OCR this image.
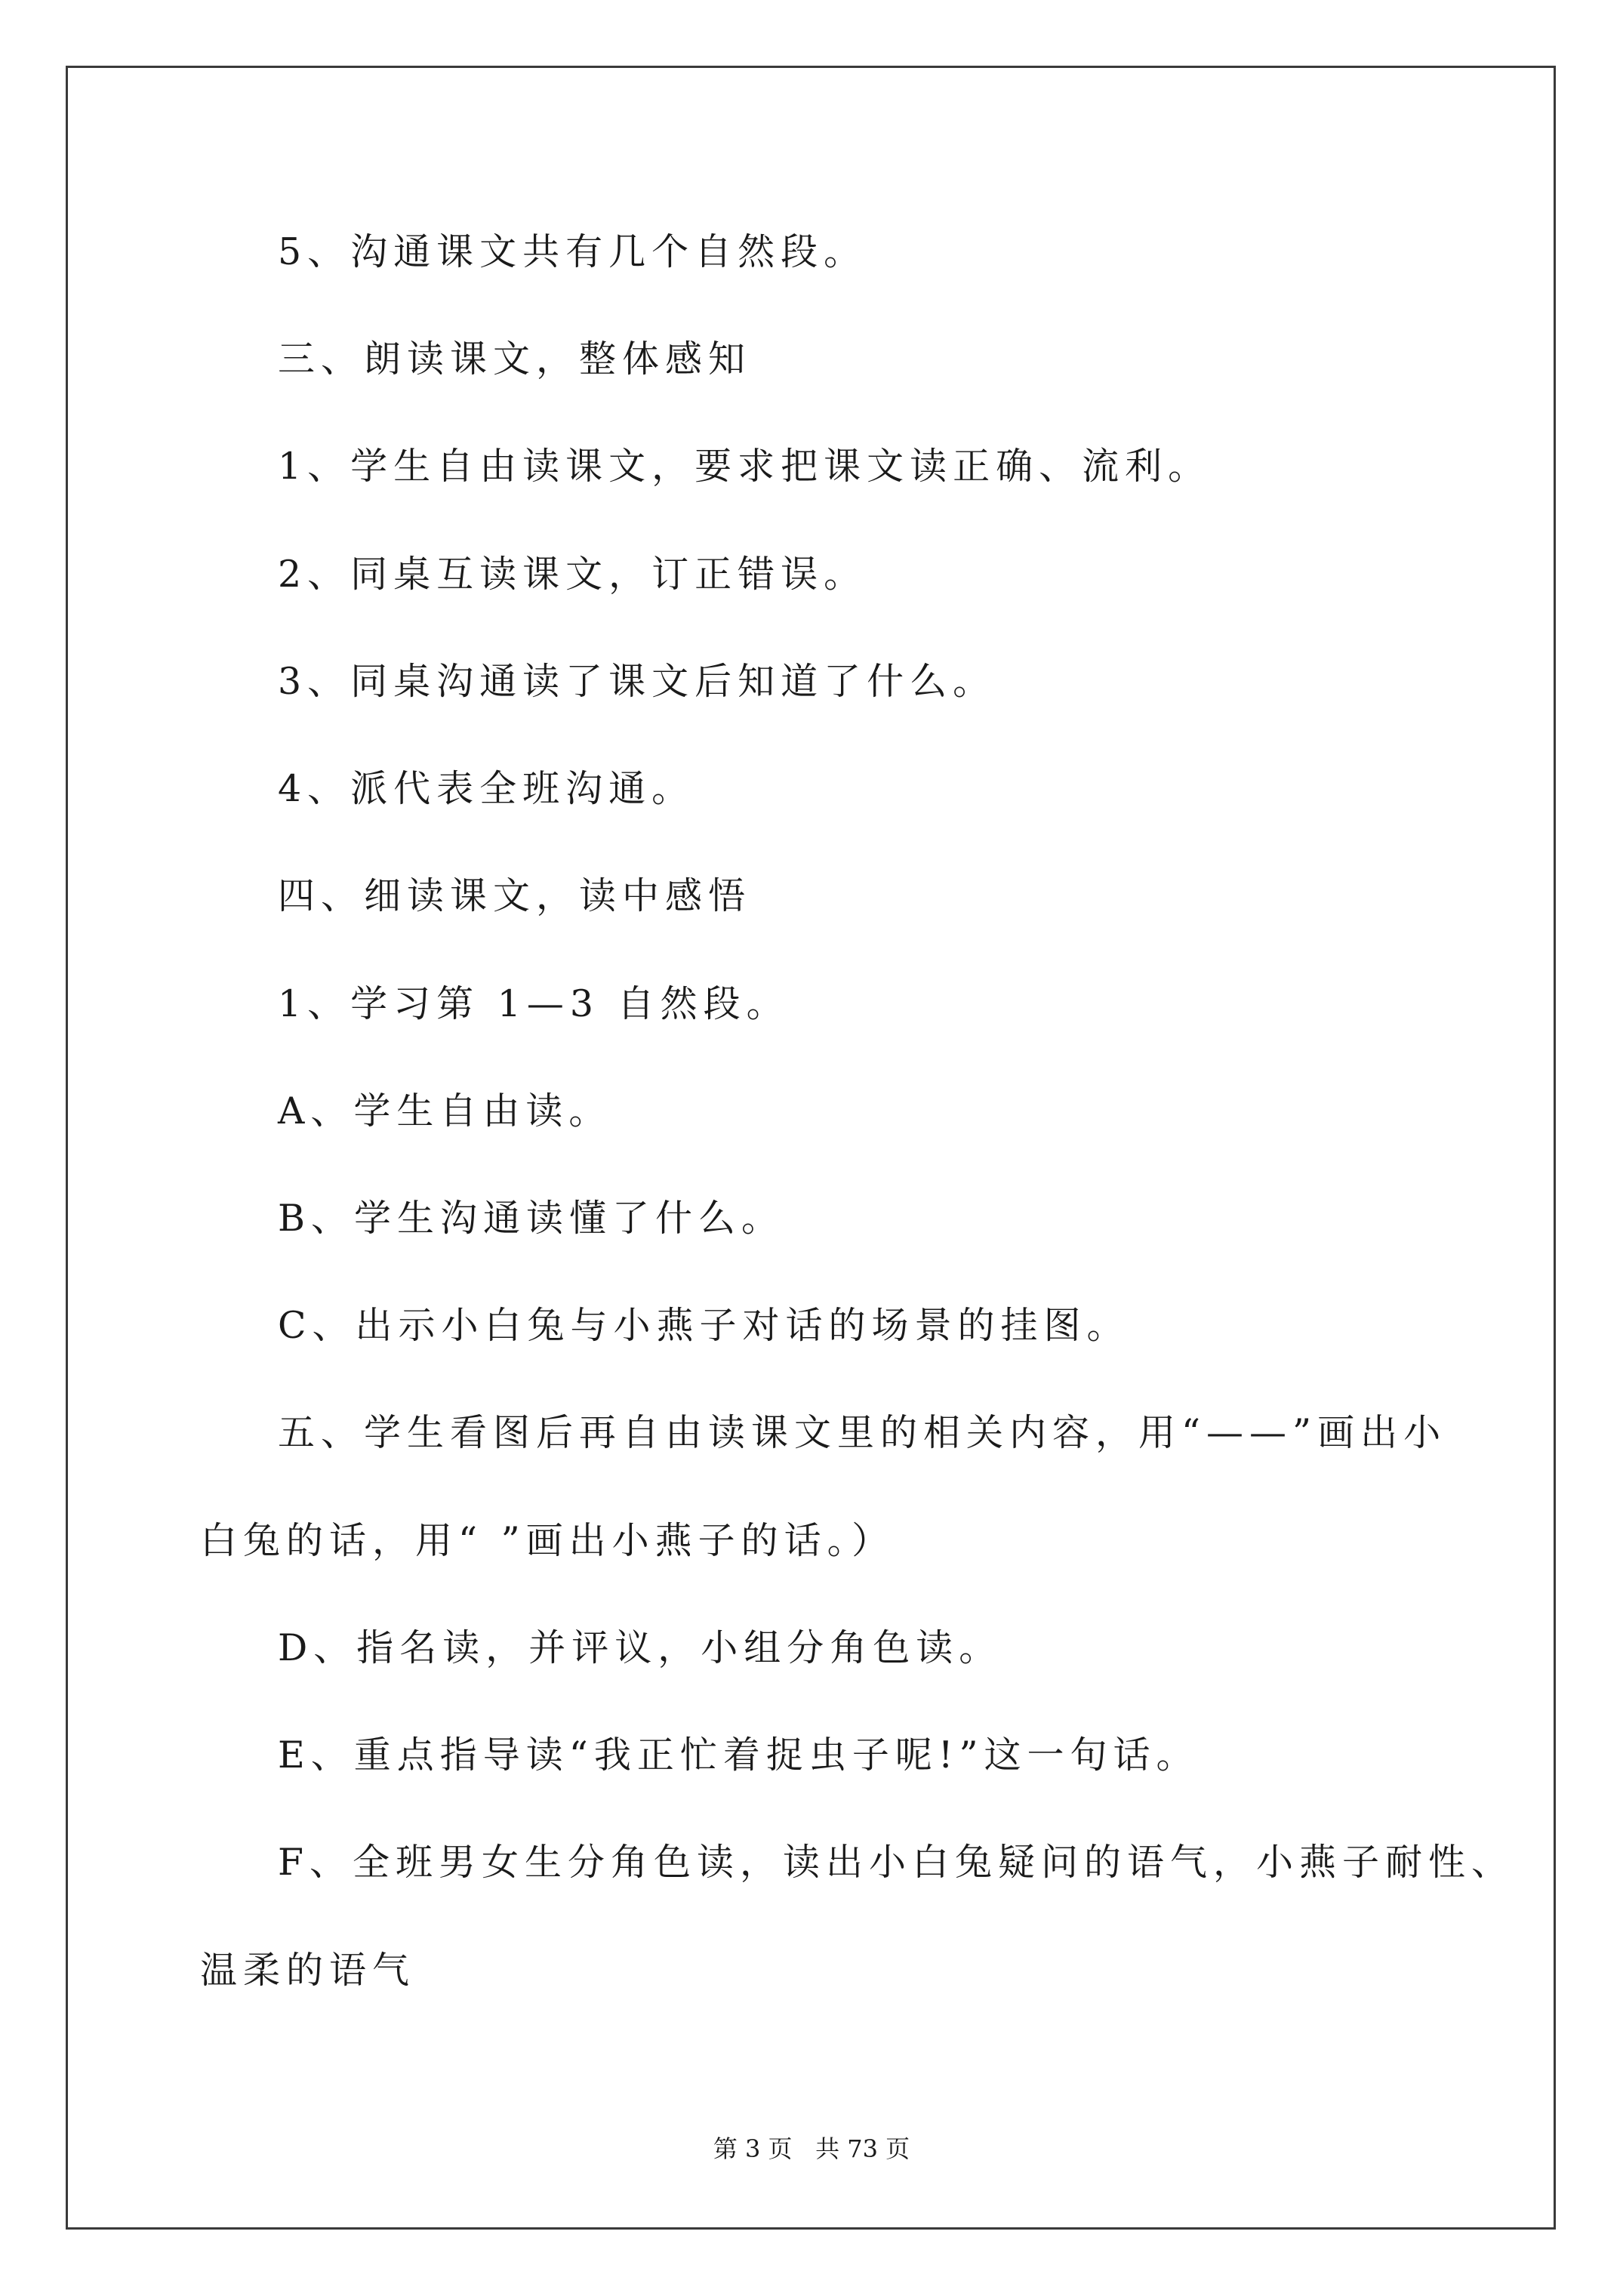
5、沟通课文共有几个自然段。
三、朗读课文，整体感知
1、学生自由读课文，要求把课文读正确、流利。
2、同桌互读课文，订正错误。
3、同桌沟通读了课文后知道了什么。
4、派代表全班沟通。
四、细读课文，读中感悟
1、学习第 1—3 自然段。
A、学生自由读。
B、学生沟通读懂了什么。
C、出示小白兔与小燕子对话的场景的挂图。
五、学生看图后再自由读课文里的相关内容，用“——”画出小
白兔的话，用“ ”画出小燕子的话。）
D、指名读，并评议，小组分角色读。
E、重点指导读“我正忙着捉虫子呢!”这一句话。
F、全班男女生分角色读，读出小白兔疑问的语气，小燕子耐性、
温柔的语气
第 3 页   共 73 页
